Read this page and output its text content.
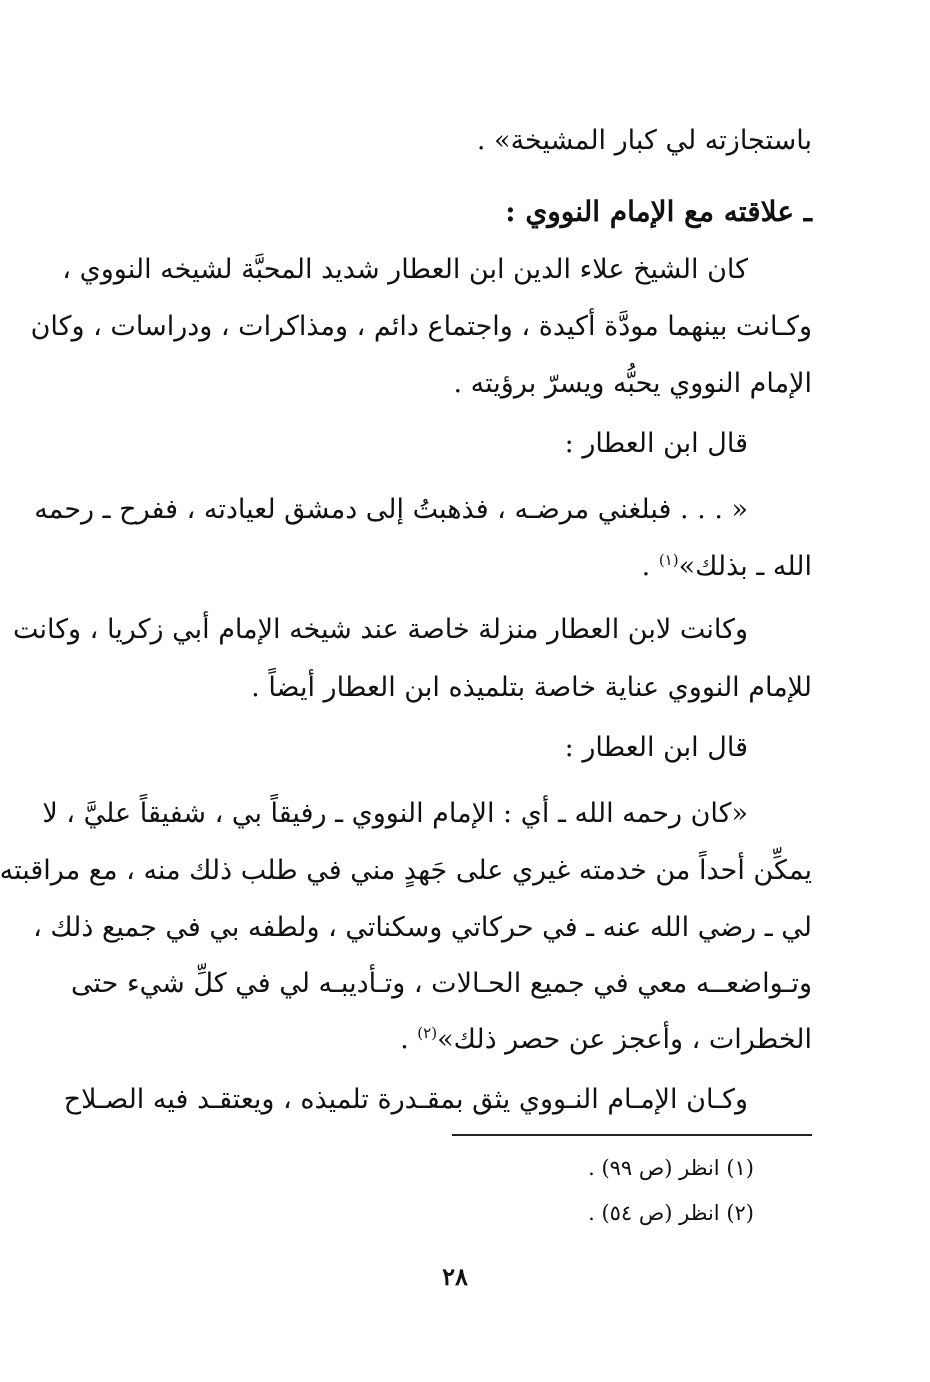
باستجازته لي كبار المشيخة» .

ـ علاقته مع الإمام النووي :

كان الشيخ علاء الدين ابن العطار شديد المحبَّة لشيخه النووي ،

وكـانت بينهما مودَّة أكيدة ، واجتماع دائم ، ومذاكرات ، ودراسات ، وكان

الإمام النووي يحبُّه ويسرّ برؤيته .

قال ابن العطار :

« . . . فبلغني مرضـه ، فذهبتُ إلى دمشق لعيادته ، ففرح ـ رحمه

الله ـ بذلك»$^{(١)}$ .

وكانت لابن العطار منزلة خاصة عند شيخه الإمام أبي زكريا ، وكانت

للإمام النووي عناية خاصة بتلميذه ابن العطار أيضاً .

قال ابن العطار :

«كان رحمه الله ـ أي : الإمام النووي ـ رفيقاً بي ، شفيقاً عليَّ ، لا

يمكِّن أحداً من خدمته غيري على جَهدٍ مني في طلب ذلك منه ، مع مراقبته

لي ـ رضي الله عنه ـ في حركاتي وسكناتي ، ولطفه بي في جميع ذلك ،

وتـواضعــه معي في جميع الحـالات ، وتـأديبـه لي في كلِّ شيء حتى

الخطرات ، وأعجز عن حصر ذلك»$^{(٢)}$ .

وكـان الإمـام النـووي يثق بمقـدرة تلميذه ، ويعتقـد فيه الصـلاح

(١) انظر (ص ٩٩) .
(٢) انظر (ص ٥٤) .
٢٨
